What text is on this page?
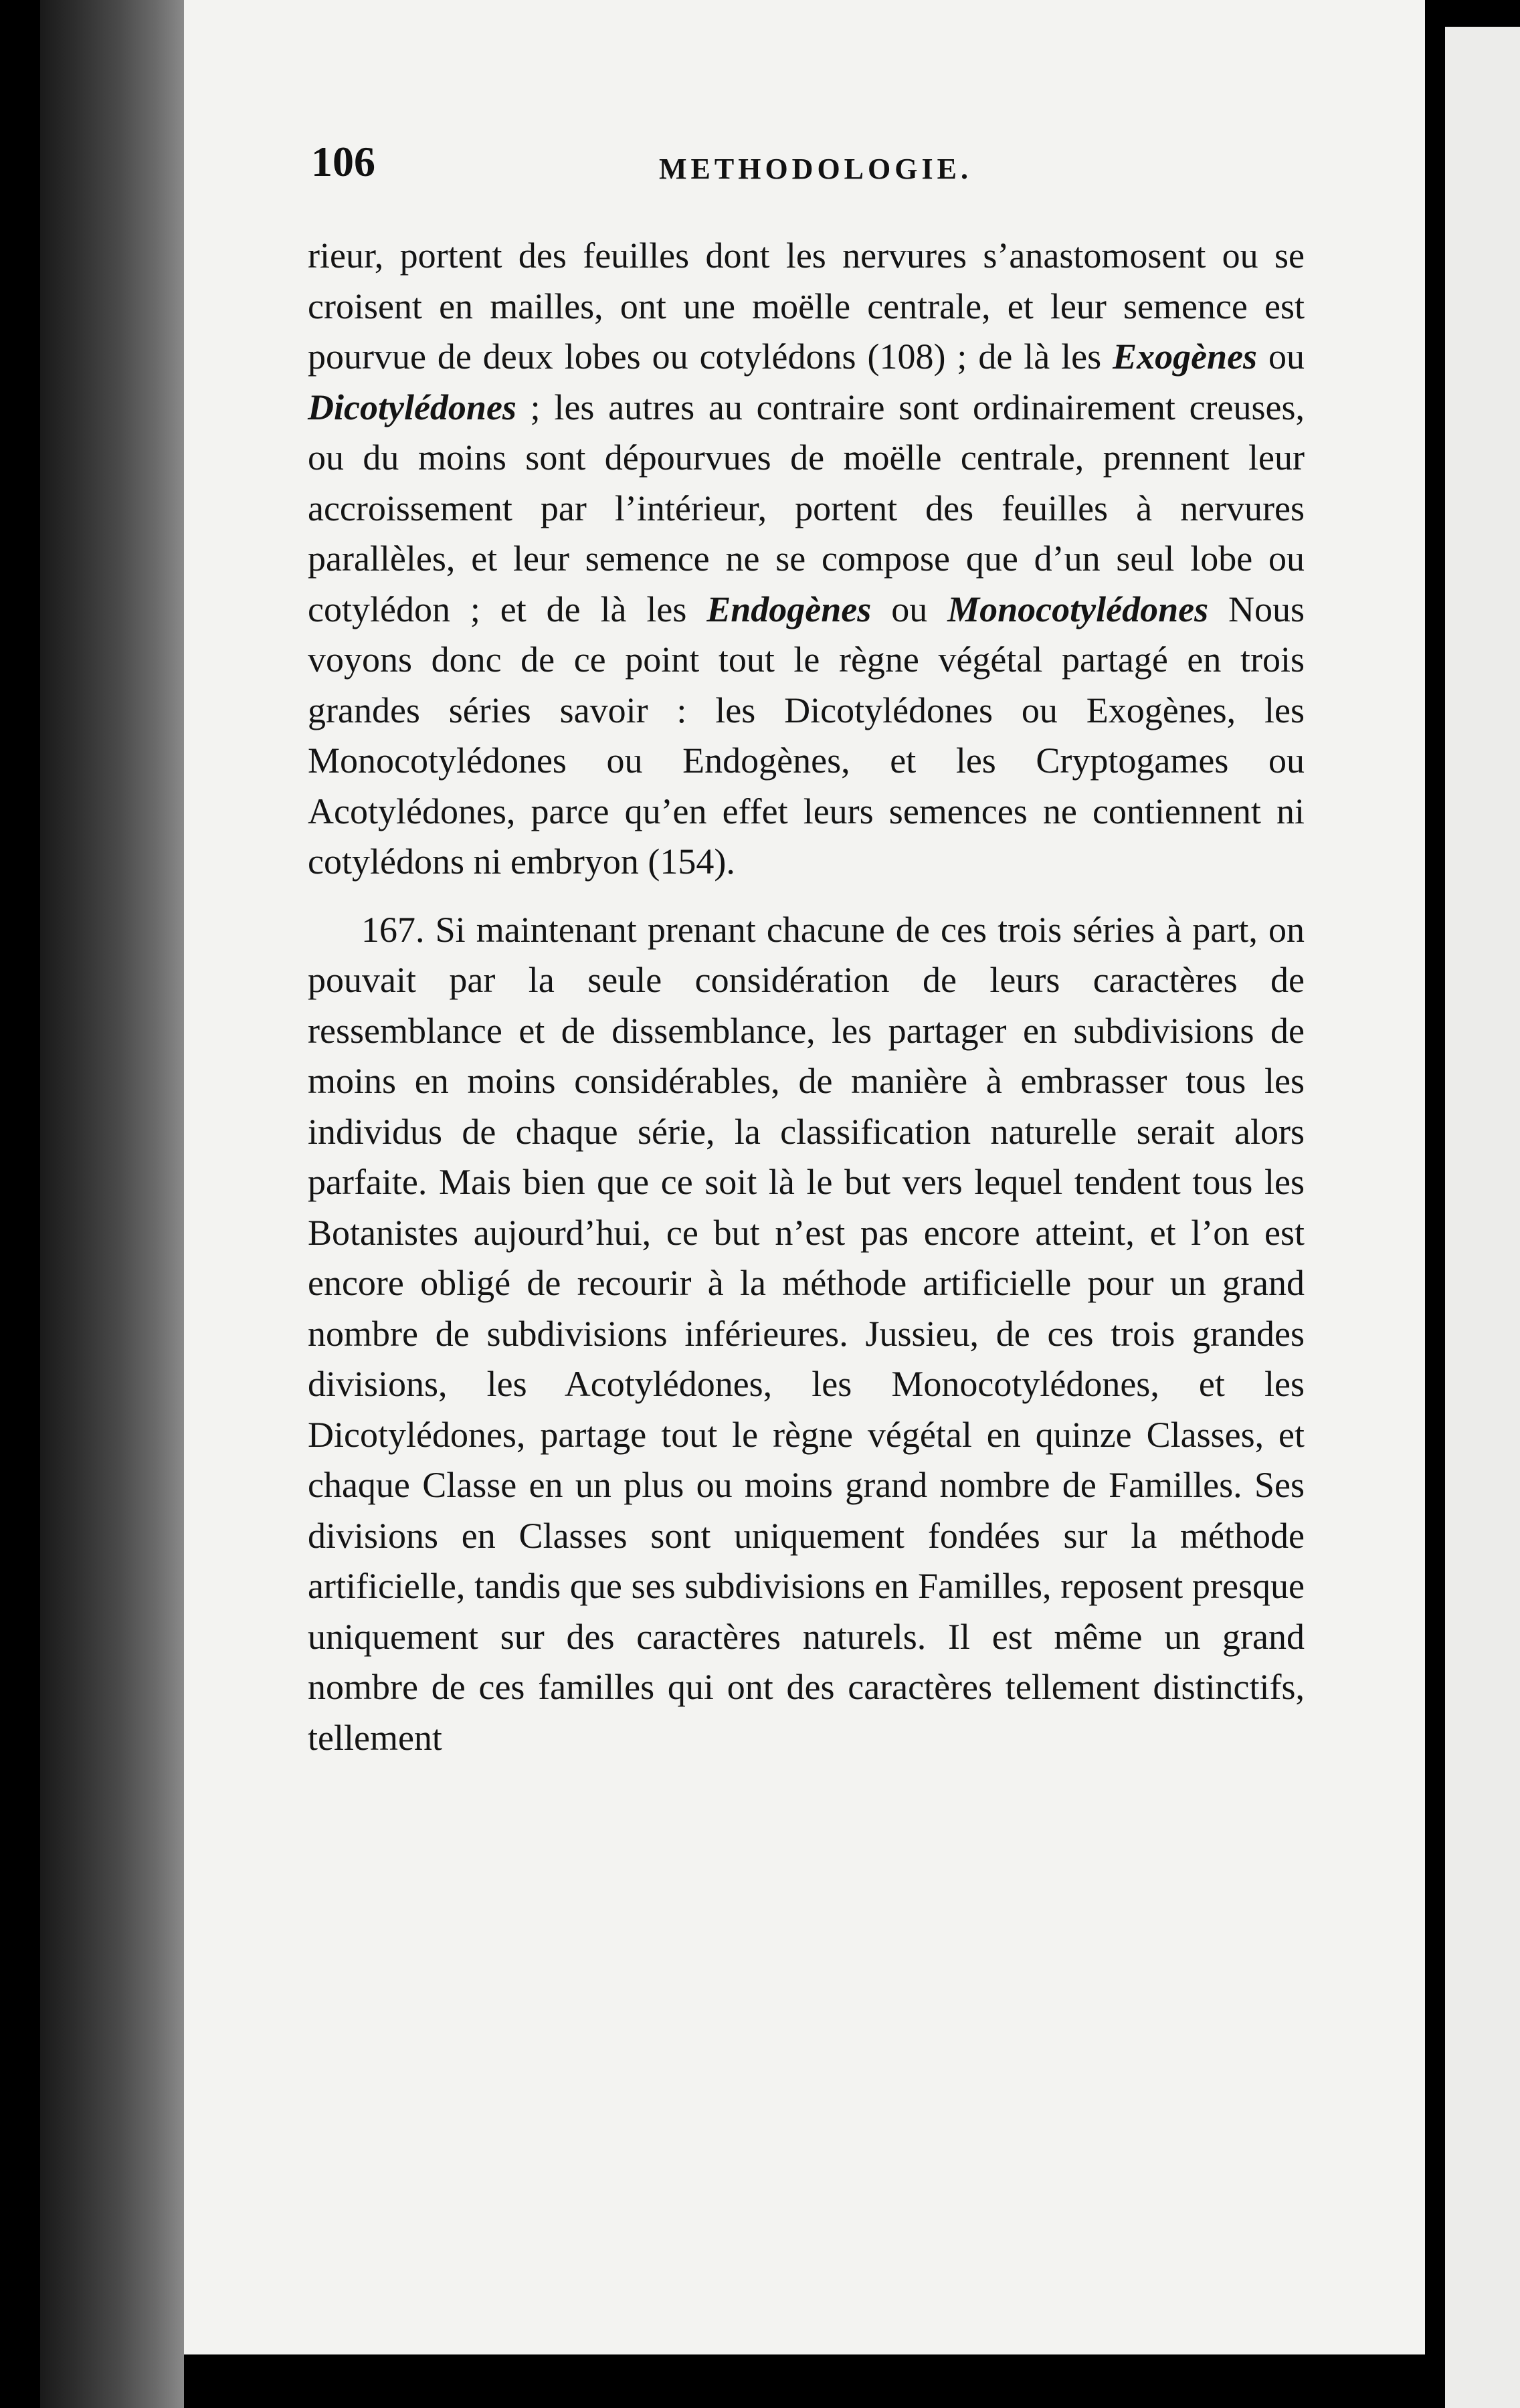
106	METHODOLOGIE.

rieur, portent des feuilles dont les nervures s’anastomosent ou se croisent en mailles, ont une moëlle centrale, et leur semence est pourvue de deux lobes ou cotylédons (108) ; de là les Exogènes ou Dicotylédones ; les autres au contraire sont ordinairement creuses, ou du moins sont dépourvues de moëlle centrale, prennent leur accroissement par l’intérieur, portent des feuilles à nervures parallèles, et leur semence ne se compose que d’un seul lobe ou cotylédon ; et de là les Endogènes ou Monocotylédones Nous voyons donc de ce point tout le règne végétal partagé en trois grandes séries savoir : les Dicotylédones ou Exogènes, les Monocotylédones ou Endogènes, et les Cryptogames ou Acotylédones, parce qu’en effet leurs semences ne contiennent ni cotylédons ni embryon (154).

167. Si maintenant prenant chacune de ces trois séries à part, on pouvait par la seule considération de leurs caractères de ressemblance et de dissemblance, les partager en subdivisions de moins en moins considérables, de manière à embrasser tous les individus de chaque série, la classification naturelle serait alors parfaite. Mais bien que ce soit là le but vers lequel tendent tous les Botanistes aujourd’hui, ce but n’est pas encore atteint, et l’on est encore obligé de recourir à la méthode artificielle pour un grand nombre de subdivisions inférieures. Jussieu, de ces trois grandes divisions, les Acotylédones, les Monocotylédones, et les Dicotylédones, partage tout le règne végétal en quinze Classes, et chaque Classe en un plus ou moins grand nombre de Familles. Ses divisions en Classes sont uniquement fondées sur la méthode artificielle, tandis que ses subdivisions en Familles, reposent presque uniquement sur des caractères naturels. Il est même un grand nombre de ces familles qui ont des caractères tellement distinctifs, tellement
